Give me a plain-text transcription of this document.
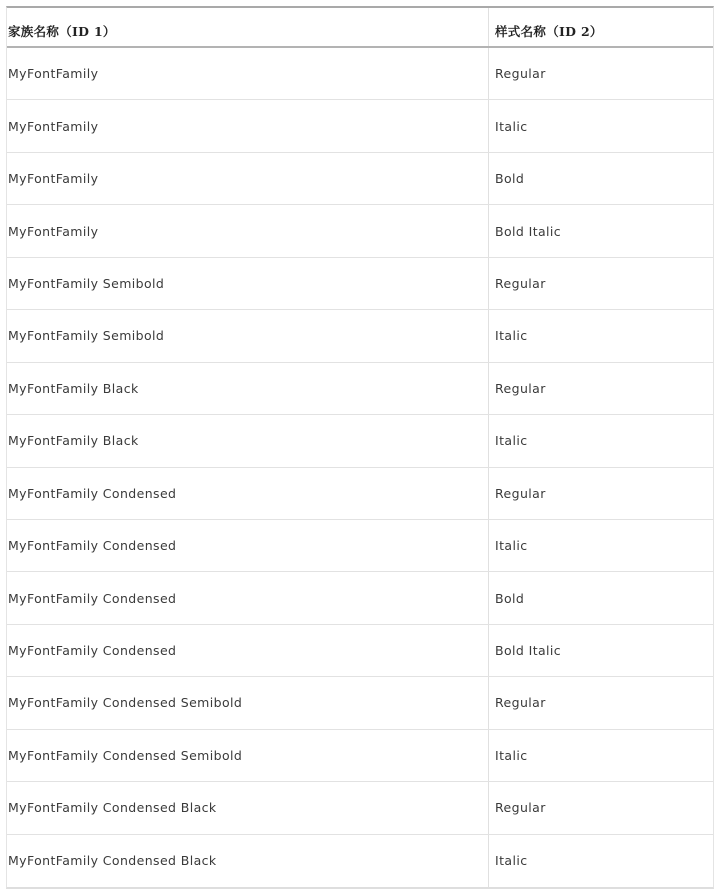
家族名称（ID 1）	样式名称（ID 2）
MyFontFamily	Regular
MyFontFamily	Italic
MyFontFamily	Bold
MyFontFamily	Bold Italic
MyFontFamily Semibold	Regular
MyFontFamily Semibold	Italic
MyFontFamily Black	Regular
MyFontFamily Black	Italic
MyFontFamily Condensed	Regular
MyFontFamily Condensed	Italic
MyFontFamily Condensed	Bold
MyFontFamily Condensed	Bold Italic
MyFontFamily Condensed Semibold	Regular
MyFontFamily Condensed Semibold	Italic
MyFontFamily Condensed Black	Regular
MyFontFamily Condensed Black	Italic
